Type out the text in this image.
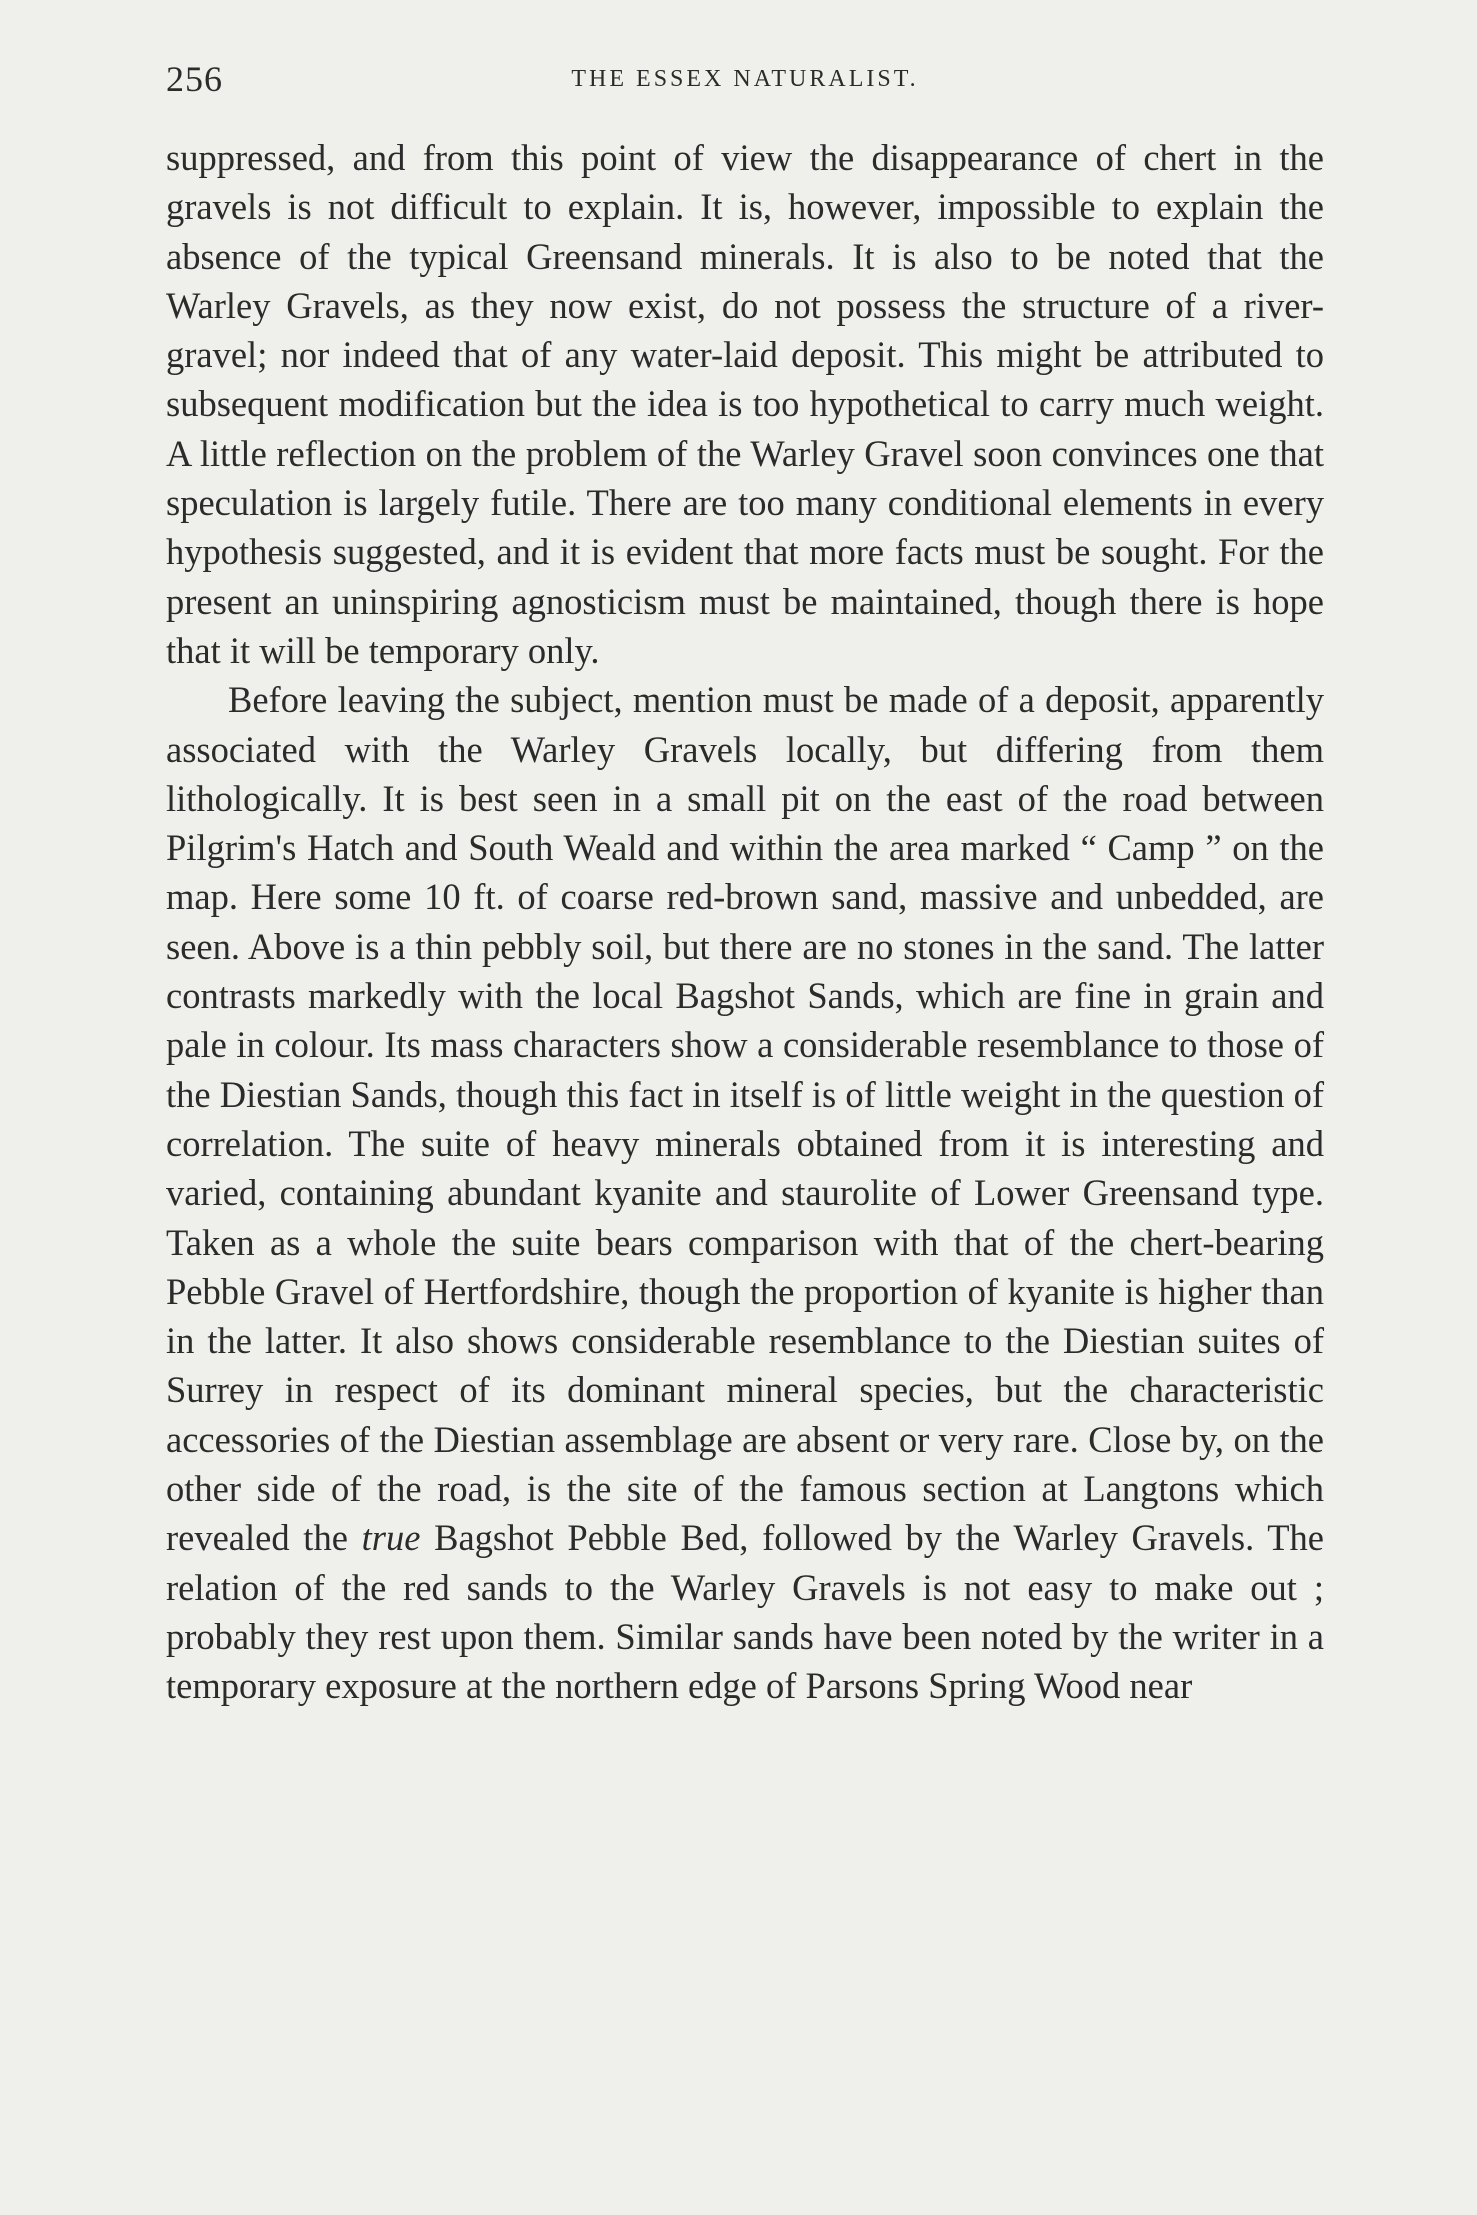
256	THE ESSEX NATURALIST.

suppressed, and from this point of view the disappearance of chert in the gravels is not difficult to explain. It is, however, impossible to explain the absence of the typical Greensand minerals. It is also to be noted that the Warley Gravels, as they now exist, do not possess the structure of a river-gravel; nor indeed that of any water-laid deposit. This might be attributed to subsequent modification but the idea is too hypothetical to carry much weight. A little reflection on the problem of the Warley Gravel soon convinces one that speculation is largely futile. There are too many conditional elements in every hypothesis suggested, and it is evident that more facts must be sought. For the present an uninspiring agnosticism must be maintained, though there is hope that it will be temporary only.

Before leaving the subject, mention must be made of a deposit, apparently associated with the Warley Gravels locally, but differing from them lithologically. It is best seen in a small pit on the east of the road between Pilgrim's Hatch and South Weald and within the area marked “ Camp ” on the map. Here some 10 ft. of coarse red-brown sand, massive and unbedded, are seen. Above is a thin pebbly soil, but there are no stones in the sand. The latter contrasts markedly with the local Bagshot Sands, which are fine in grain and pale in colour. Its mass characters show a considerable resemblance to those of the Diestian Sands, though this fact in itself is of little weight in the question of correlation. The suite of heavy minerals obtained from it is interesting and varied, containing abundant kyanite and staurolite of Lower Greensand type. Taken as a whole the suite bears comparison with that of the chert-bearing Pebble Gravel of Hertfordshire, though the proportion of kyanite is higher than in the latter. It also shows considerable resemblance to the Diestian suites of Surrey in respect of its dominant mineral species, but the characteristic accessories of the Diestian assemblage are absent or very rare. Close by, on the other side of the road, is the site of the famous section at Langtons which revealed the true Bagshot Pebble Bed, followed by the Warley Gravels. The relation of the red sands to the Warley Gravels is not easy to make out ; probably they rest upon them. Similar sands have been noted by the writer in a temporary exposure at the northern edge of Parsons Spring Wood near
